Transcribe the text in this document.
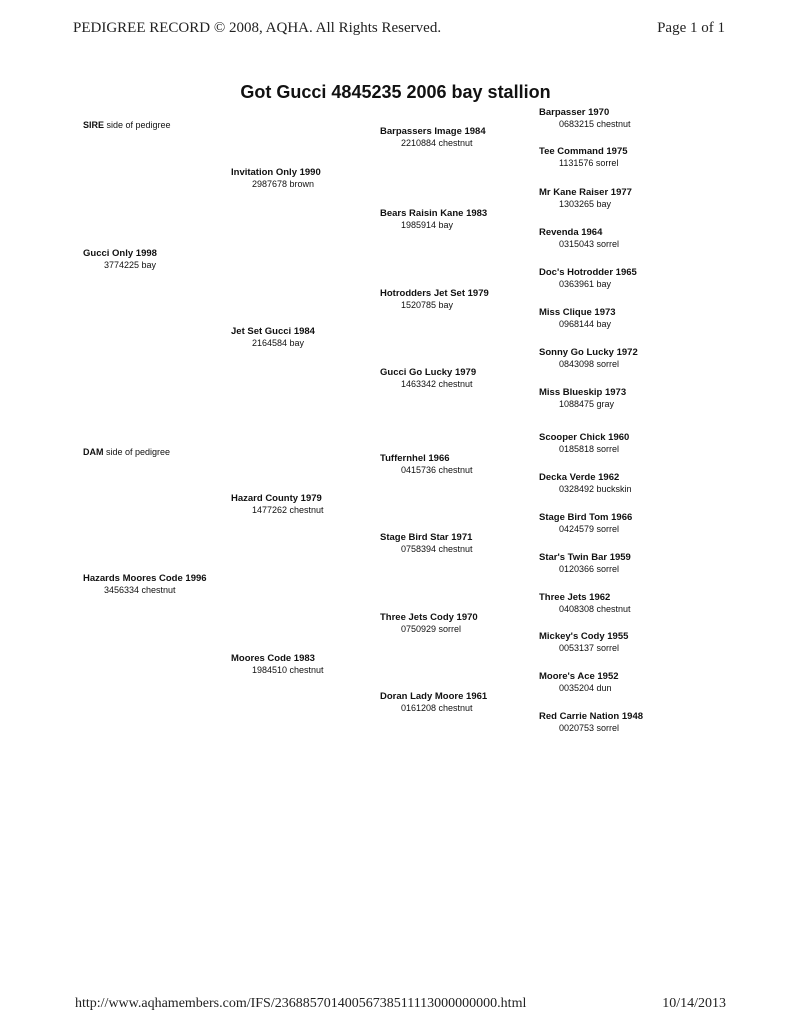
PEDIGREE RECORD © 2008, AQHA. All Rights Reserved.	Page 1 of 1
Got Gucci 4845235 2006 bay stallion
SIRE side of pedigree
DAM side of pedigree
Gucci Only 1998
3774225 bay
Hazards Moores Code 1996
3456334 chestnut
Invitation Only 1990
2987678 brown
Jet Set Gucci 1984
2164584 bay
Hazard County 1979
1477262 chestnut
Moores Code 1983
1984510 chestnut
Barpassers Image 1984
2210884 chestnut
Bears Raisin Kane 1983
1985914 bay
Hotrodders Jet Set 1979
1520785 bay
Gucci Go Lucky 1979
1463342 chestnut
Tuffernhel 1966
0415736 chestnut
Stage Bird Star 1971
0758394 chestnut
Three Jets Cody 1970
0750929 sorrel
Doran Lady Moore 1961
0161208 chestnut
Barpasser 1970
0683215 chestnut
Tee Command 1975
1131576 sorrel
Mr Kane Raiser 1977
1303265 bay
Revenda 1964
0315043 sorrel
Doc's Hotrodder 1965
0363961 bay
Miss Clique 1973
0968144 bay
Sonny Go Lucky 1972
0843098 sorrel
Miss Blueskip 1973
1088475 gray
Scooper Chick 1960
0185818 sorrel
Decka Verde 1962
0328492 buckskin
Stage Bird Tom 1966
0424579 sorrel
Star's Twin Bar 1959
0120366 sorrel
Three Jets 1962
0408308 chestnut
Mickey's Cody 1955
0053137 sorrel
Moore's Ace 1952
0035204 dun
Red Carrie Nation 1948
0020753 sorrel
http://www.aqhamembers.com/IFS/23688570140056738511113000000000.html	10/14/2013
